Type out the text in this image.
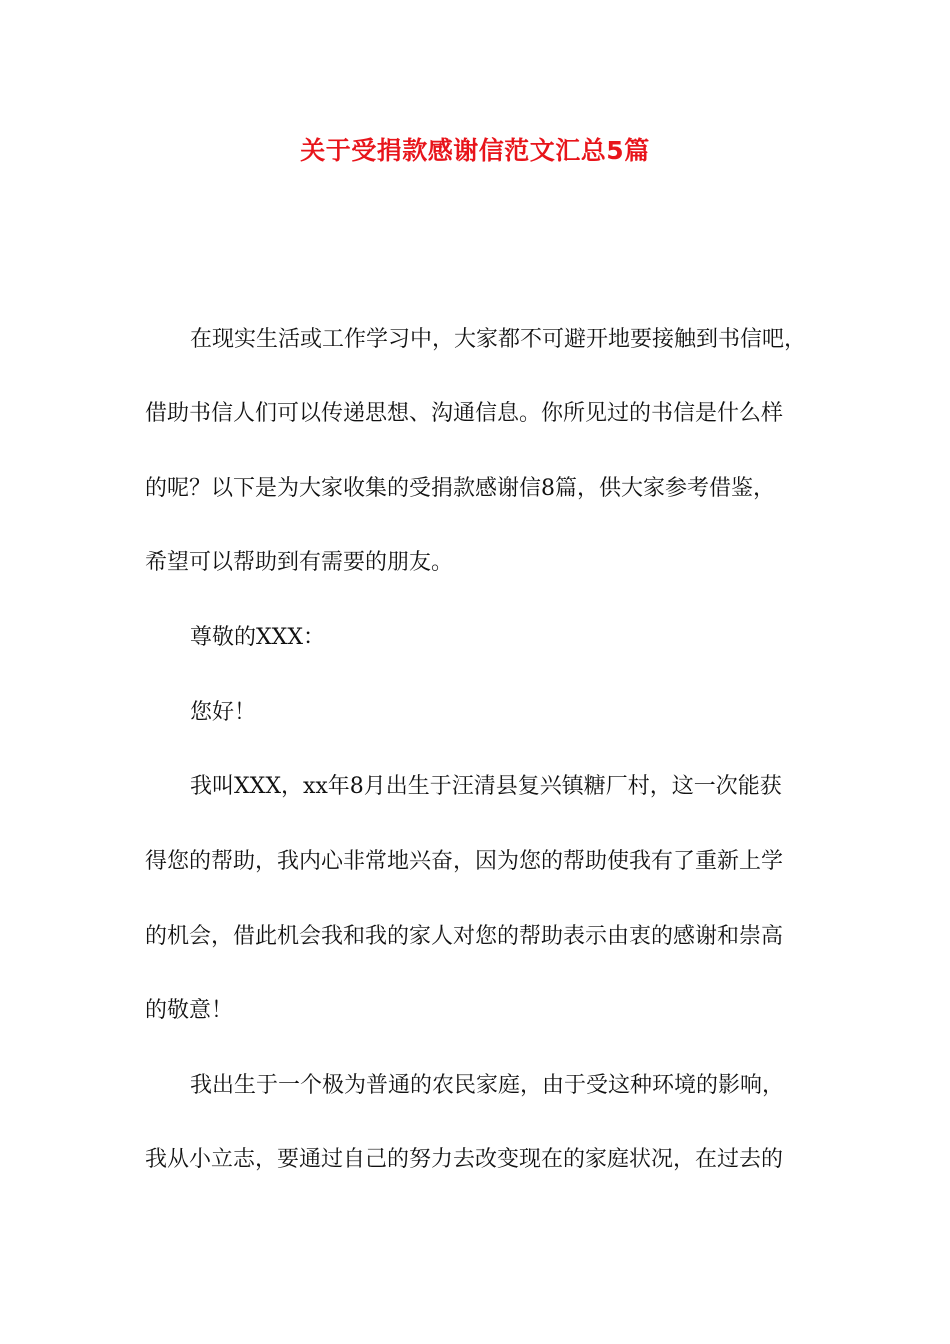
关于受捐款感谢信范文汇总5篇
在现实生活或工作学习中，大家都不可避开地要接触到书信吧，
借助书信人们可以传递思想、沟通信息。你所见过的书信是什么样
的呢？以下是为大家收集的受捐款感谢信8篇，供大家参考借鉴，
希望可以帮助到有需要的朋友。
尊敬的XXX：
您好！
我叫XXX，xx年8月出生于汪清县复兴镇糖厂村，这一次能获
得您的帮助，我内心非常地兴奋，因为您的帮助使我有了重新上学
的机会，借此机会我和我的家人对您的帮助表示由衷的感谢和崇高
的敬意！
我出生于一个极为普通的农民家庭，由于受这种环境的影响，
我从小立志，要通过自己的努力去改变现在的家庭状况，在过去的
